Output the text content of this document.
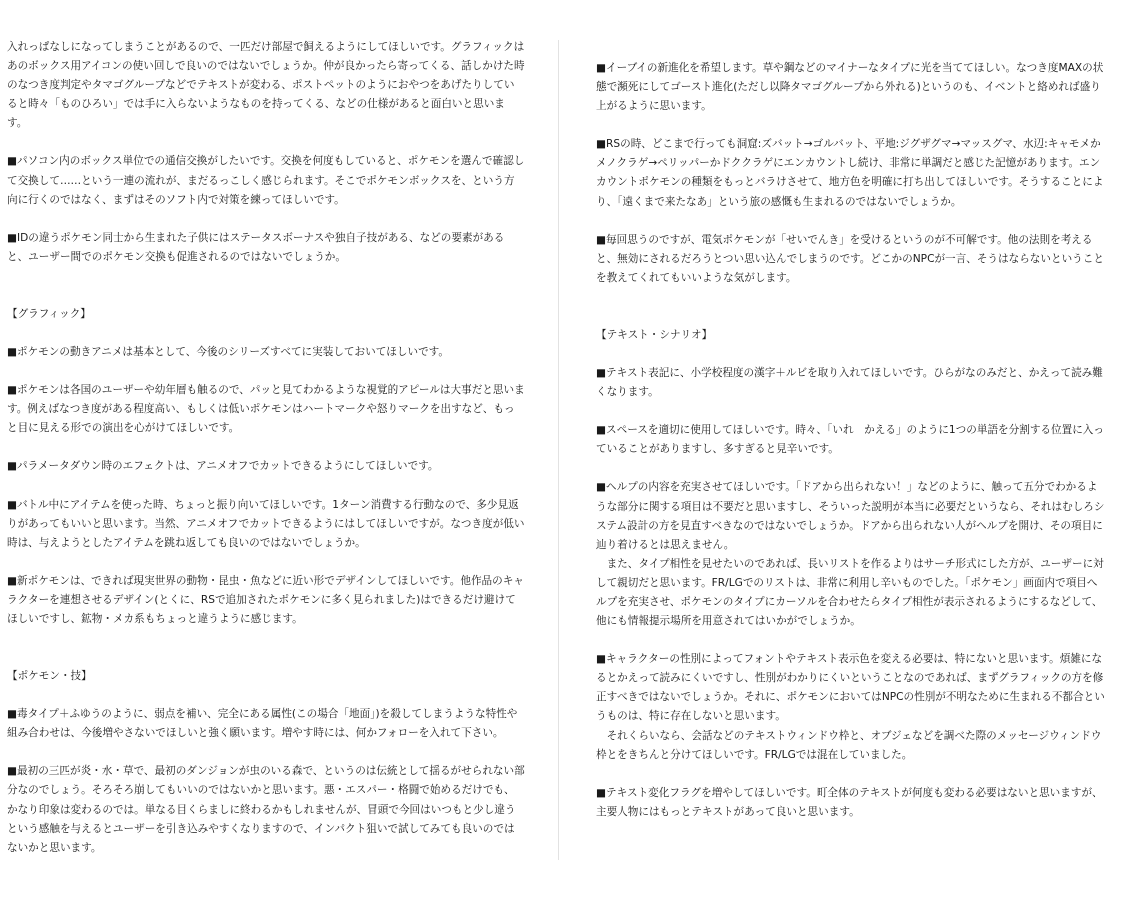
入れっぱなしになってしまうことがあるので、一匹だけ部屋で飼えるようにしてほしいです。グラフィックはあのボックス用アイコンの使い回しで良いのではないでしょうか。仲が良かったら寄ってくる、話しかけた時のなつき度判定やタマゴグループなどでテキストが変わる、ポストペットのようにおやつをあげたりしていると時々「ものひろい」では手に入らないようなものを持ってくる、などの仕様があると面白いと思います。

■パソコン内のボックス単位での通信交換がしたいです。交換を何度もしていると、ポケモンを選んで確認して交換して……という一連の流れが、まだるっこしく感じられます。そこでポケモンボックスを、という方向に行くのではなく、まずはそのソフト内で対策を練ってほしいです。

■IDの違うポケモン同士から生まれた子供にはステータスボーナスや独自子技がある、などの要素があると、ユーザー間でのポケモン交換も促進されるのではないでしょうか。

【グラフィック】

■ポケモンの動きアニメは基本として、今後のシリーズすべてに実装しておいてほしいです。

■ポケモンは各国のユーザーや幼年層も触るので、パッと見てわかるような視覚的アピールは大事だと思います。例えばなつき度がある程度高い、もしくは低いポケモンはハートマークや怒りマークを出すなど、もっと目に見える形での演出を心がけてほしいです。

■パラメータダウン時のエフェクトは、アニメオフでカットできるようにしてほしいです。

■バトル中にアイテムを使った時、ちょっと振り向いてほしいです。1ターン消費する行動なので、多少見返りがあってもいいと思います。当然、アニメオフでカットできるようにはしてほしいですが。なつき度が低い時は、与えようとしたアイテムを跳ね返しても良いのではないでしょうか。

■新ポケモンは、できれば現実世界の動物・昆虫・魚などに近い形でデザインしてほしいです。他作品のキャラクターを連想させるデザイン(とくに、RSで追加されたポケモンに多く見られました)はできるだけ避けてほしいですし、鉱物・メカ系もちょっと違うように感じます。

【ポケモン・技】

■毒タイプ＋ふゆうのように、弱点を補い、完全にある属性(この場合「地面」)を殺してしまうような特性や組み合わせは、今後増やさないでほしいと強く願います。増やす時には、何かフォローを入れて下さい。

■最初の三匹が炎・水・草で、最初のダンジョンが虫のいる森で、というのは伝統として揺るがせられない部分なのでしょう。そろそろ崩してもいいのではないかと思います。悪・エスパー・格闘で始めるだけでも、かなり印象は変わるのでは。単なる目くらましに終わるかもしれませんが、冒頭で今回はいつもと少し違うという感触を与えるとユーザーを引き込みやすくなりますので、インパクト狙いで試してみても良いのではないかと思います。

■イーブイの新進化を希望します。草や鋼などのマイナーなタイプに光を当ててほしい。なつき度MAXの状態で瀕死にしてゴースト進化(ただし以降タマゴグループから外れる)というのも、イベントと絡めれば盛り上がるように思います。

■RSの時、どこまで行っても洞窟:ズバット→ゴルバット、平地:ジグザグマ→マッスグマ、水辺:キャモメかメノクラゲ→ペリッパーかドククラゲにエンカウントし続け、非常に単調だと感じた記憶があります。エンカウントポケモンの種類をもっとバラけさせて、地方色を明確に打ち出してほしいです。そうすることにより、「遠くまで来たなあ」という旅の感慨も生まれるのではないでしょうか。

■毎回思うのですが、電気ポケモンが「せいでんき」を受けるというのが不可解です。他の法則を考えると、無効にされるだろうとつい思い込んでしまうのです。どこかのNPCが一言、そうはならないということを教えてくれてもいいような気がします。

【テキスト・シナリオ】

■テキスト表記に、小学校程度の漢字＋ルビを取り入れてほしいです。ひらがなのみだと、かえって読み難くなります。

■スペースを適切に使用してほしいです。時々、「いれ　かえる」のように1つの単語を分割する位置に入っていることがありますし、多すぎると見辛いです。

■ヘルプの内容を充実させてほしいです。「ドアから出られない！」などのように、触って五分でわかるような部分に関する項目は不要だと思いますし、そういった説明が本当に必要だというなら、それはむしろシステム設計の方を見直すべきなのではないでしょうか。ドアから出られない人がヘルプを開け、その項目に辿り着けるとは思えません。

また、タイプ相性を見せたいのであれば、長いリストを作るよりはサーチ形式にした方が、ユーザーに対して親切だと思います。FR/LGでのリストは、非常に利用し辛いものでした。「ポケモン」画面内で項目へルプを充実させ、ポケモンのタイプにカーソルを合わせたらタイプ相性が表示されるようにするなどして、他にも情報提示場所を用意されてはいかがでしょうか。

■キャラクターの性別によってフォントやテキスト表示色を変える必要は、特にないと思います。煩雑になるとかえって読みにくいですし、性別がわかりにくいということなのであれば、まずグラフィックの方を修正すべきではないでしょうか。それに、ポケモンにおいてはNPCの性別が不明なために生まれる不都合というものは、特に存在しないと思います。

それくらいなら、会話などのテキストウィンドウ枠と、オブジェなどを調べた際のメッセージウィンドウ枠とをきちんと分けてほしいです。FR/LGでは混在していました。

■テキスト変化フラグを増やしてほしいです。町全体のテキストが何度も変わる必要はないと思いますが、主要人物にはもっとテキストがあって良いと思います。
